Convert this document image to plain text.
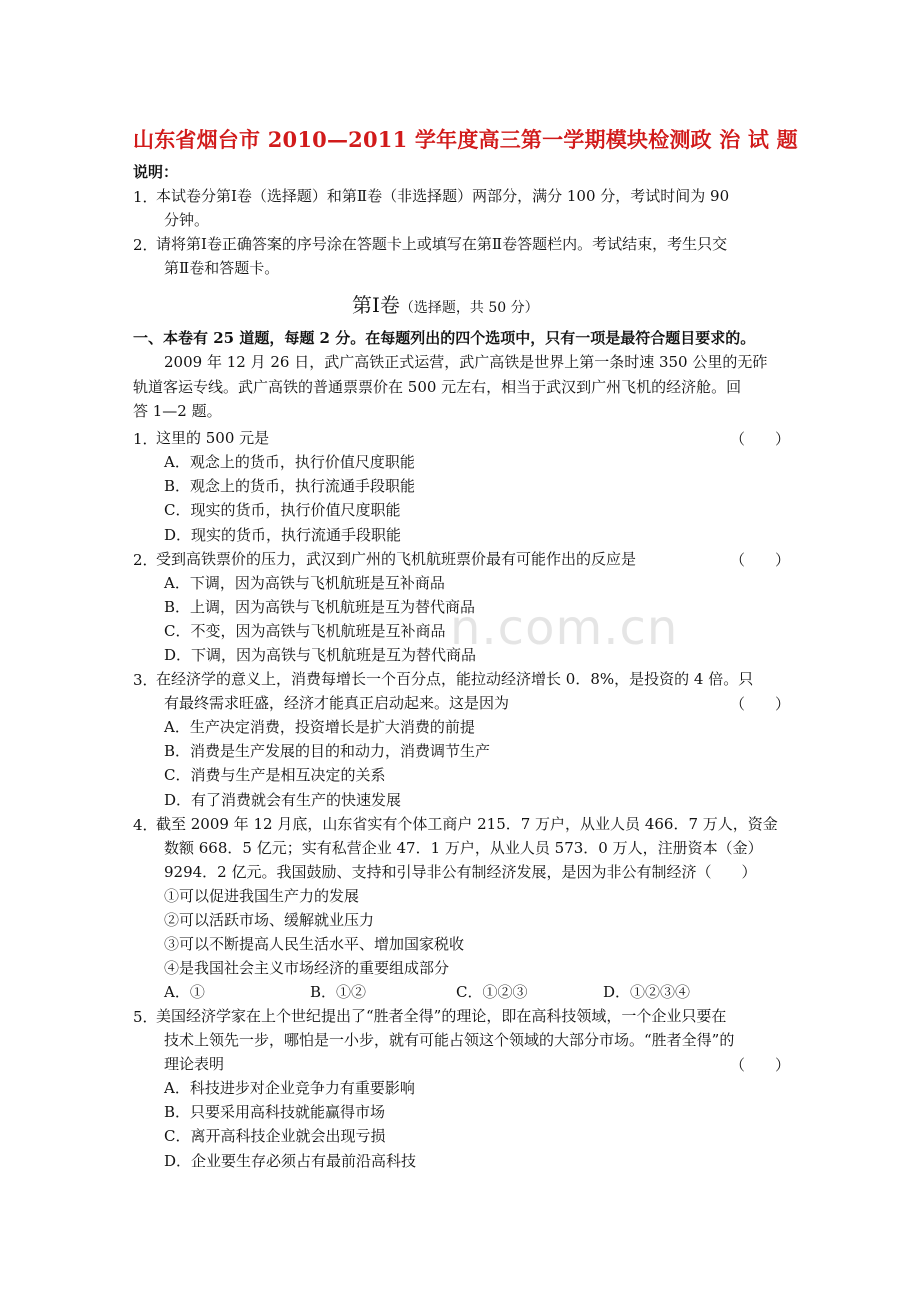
山东省烟台市 2010—2011 学年度高三第一学期模块检测政 治 试 题
说明：
1．
本试卷分第Ⅰ卷（选择题）和第Ⅱ卷（非选择题）两部分，满分 100 分，考试时间为 90
分钟。
2．
请将第Ⅰ卷正确答案的序号涂在答题卡上或填写在第Ⅱ卷答题栏内。考试结束，考生只交
第Ⅱ卷和答题卡。
第Ⅰ卷（选择题，共 50 分）
一、本卷有 25 道题，每题 2 分。在每题列出的四个选项中，只有一项是最符合题目要求的。
2009 年 12 月 26 日，武广高铁正式运营，武广高铁是世界上第一条时速 350 公里的无砟
轨道客运专线。武广高铁的普通票票价在 500 元左右，相当于武汉到广州飞机的经济舱。回
答 1—2 题。
1．
这里的 500 元是	（　　）
A．观念上的货币，执行价值尺度职能
B．观念上的货币，执行流通手段职能
C．现实的货币，执行价值尺度职能
D．现实的货币，执行流通手段职能
2．
受到高铁票价的压力，武汉到广州的飞机航班票价最有可能作出的反应是	（　　）
A．下调，因为高铁与飞机航班是互补商品
B．上调，因为高铁与飞机航班是互为替代商品
C．不变，因为高铁与飞机航班是互补商品
D．下调，因为高铁与飞机航班是互为替代商品
3．
在经济学的意义上，消费每增长一个百分点，能拉动经济增长 0．8%，是投资的 4 倍。只
有最终需求旺盛，经济才能真正启动起来。这是因为	（　　）
A．生产决定消费，投资增长是扩大消费的前提
B．消费是生产发展的目的和动力，消费调节生产
C．消费与生产是相互决定的关系
D．有了消费就会有生产的快速发展
4．
截至 2009 年 12 月底，山东省实有个体工商户 215．7 万户，从业人员 466．7 万人，资金
数额 668．5 亿元；实有私营企业 47．1 万户，从业人员 573．0 万人，注册资本（金）
9294．2 亿元。我国鼓励、支持和引导非公有制经济发展，是因为非公有制经济（　　）
①可以促进我国生产力的发展
②可以活跃市场、缓解就业压力
③可以不断提高人民生活水平、增加国家税收
④是我国社会主义市场经济的重要组成部分
A．①	B．①②	C．①②③	D．①②③④
5．
美国经济学家在上个世纪提出了“胜者全得”的理论，即在高科技领域，一个企业只要在
技术上领先一步，哪怕是一小步，就有可能占领这个领域的大部分市场。“胜者全得”的
理论表明	（　　）
A．科技进步对企业竞争力有重要影响
B．只要采用高科技就能赢得市场
C．离开高科技企业就会出现亏损
D．企业要生存必须占有最前沿高科技
n.com.cn
